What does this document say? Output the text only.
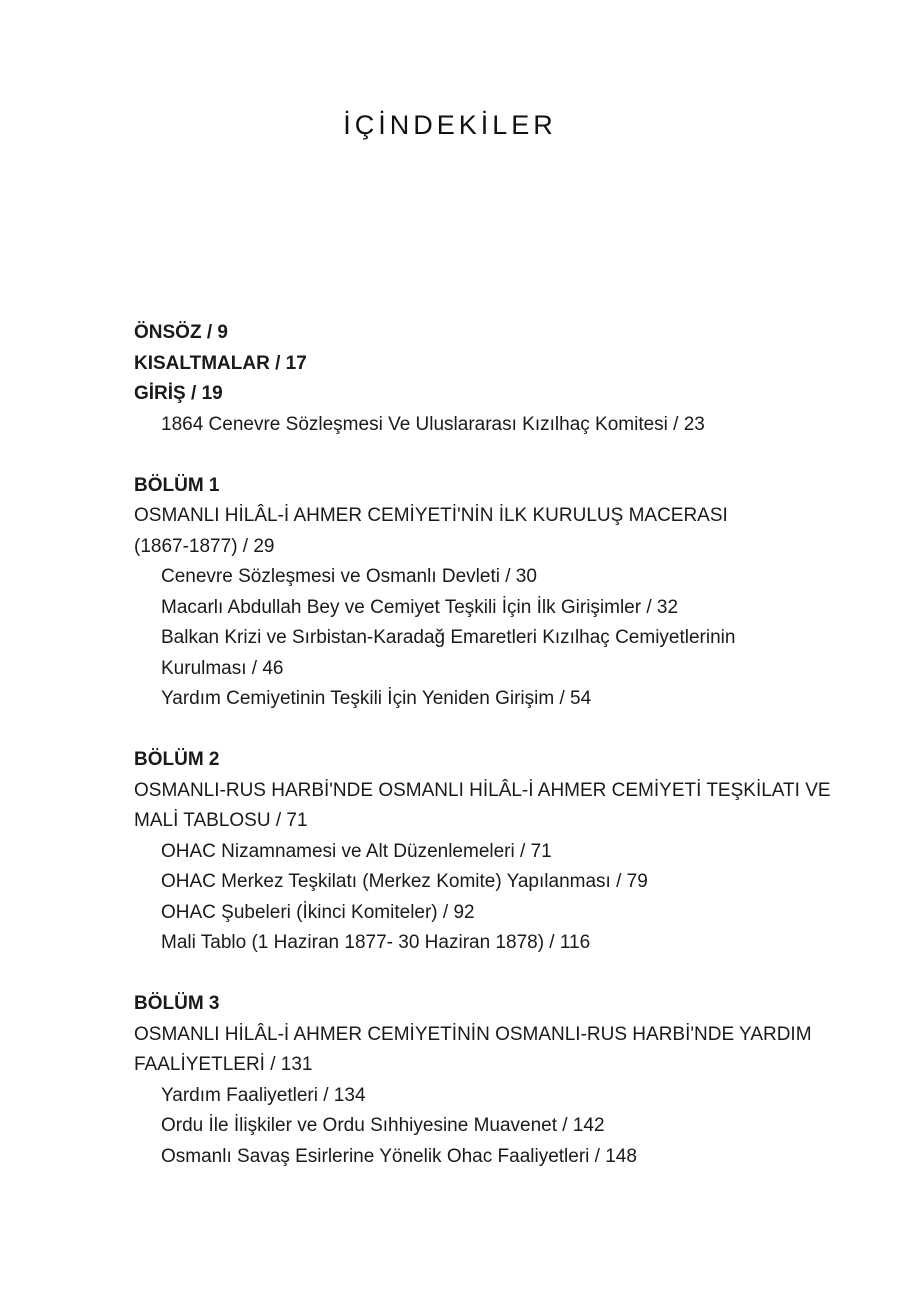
İÇİNDEKİLER
ÖNSÖZ / 9
KISALTMALAR / 17
GİRİŞ / 19
1864 Cenevre Sözleşmesi Ve Uluslararası Kızılhaç Komitesi / 23
BÖLÜM 1
OSMANLI HİLÂL-İ AHMER CEMİYETİ'NİN İLK KURULUŞ MACERASI
(1867-1877) / 29
Cenevre Sözleşmesi ve Osmanlı Devleti / 30
Macarlı Abdullah Bey ve Cemiyet Teşkili İçin İlk Girişimler / 32
Balkan Krizi ve Sırbistan-Karadağ Emaretleri Kızılhaç Cemiyetlerinin
Kurulması / 46
Yardım Cemiyetinin Teşkili İçin Yeniden Girişim / 54
BÖLÜM 2
OSMANLI-RUS HARBİ'NDE OSMANLI HİLÂL-İ AHMER CEMİYETİ TEŞKİLATI VE
MALİ TABLOSU / 71
OHAC Nizamnamesi ve Alt Düzenlemeleri / 71
OHAC Merkez Teşkilatı (Merkez Komite) Yapılanması / 79
OHAC Şubeleri (İkinci Komiteler) / 92
Mali Tablo (1 Haziran 1877- 30 Haziran 1878) / 116
BÖLÜM 3
OSMANLI HİLÂL-İ AHMER CEMİYETİNİN OSMANLI-RUS HARBİ'NDE YARDIM
FAALİYETLERİ / 131
Yardım Faaliyetleri / 134
Ordu İle İlişkiler ve Ordu Sıhhiyesine Muavenet / 142
Osmanlı Savaş Esirlerine Yönelik Ohac Faaliyetleri / 148
